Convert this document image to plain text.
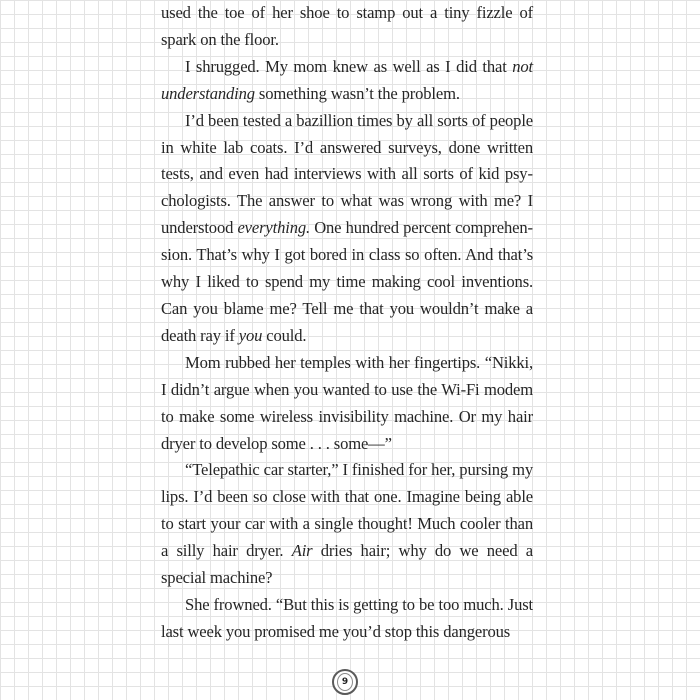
used the toe of her shoe to stamp out a tiny fizzle of spark on the floor.

I shrugged. My mom knew as well as I did that not understanding something wasn’t the problem.

I’d been tested a bazillion times by all sorts of people in white lab coats. I’d answered surveys, done written tests, and even had interviews with all sorts of kid psychologists. The answer to what was wrong with me? I understood everything. One hundred percent comprehension. That’s why I got bored in class so often. And that’s why I liked to spend my time making cool inventions. Can you blame me? Tell me that you wouldn’t make a death ray if you could.

Mom rubbed her temples with her fingertips. “Nikki, I didn’t argue when you wanted to use the Wi-Fi modem to make some wireless invisibility machine. Or my hair dryer to develop some . . . some—”

“Telepathic car starter,” I finished for her, pursing my lips. I’d been so close with that one. Imagine being able to start your car with a single thought! Much cooler than a silly hair dryer. Air dries hair; why do we need a special machine?

She frowned. “But this is getting to be too much. Just last week you promised me you’d stop this dangerous

9
